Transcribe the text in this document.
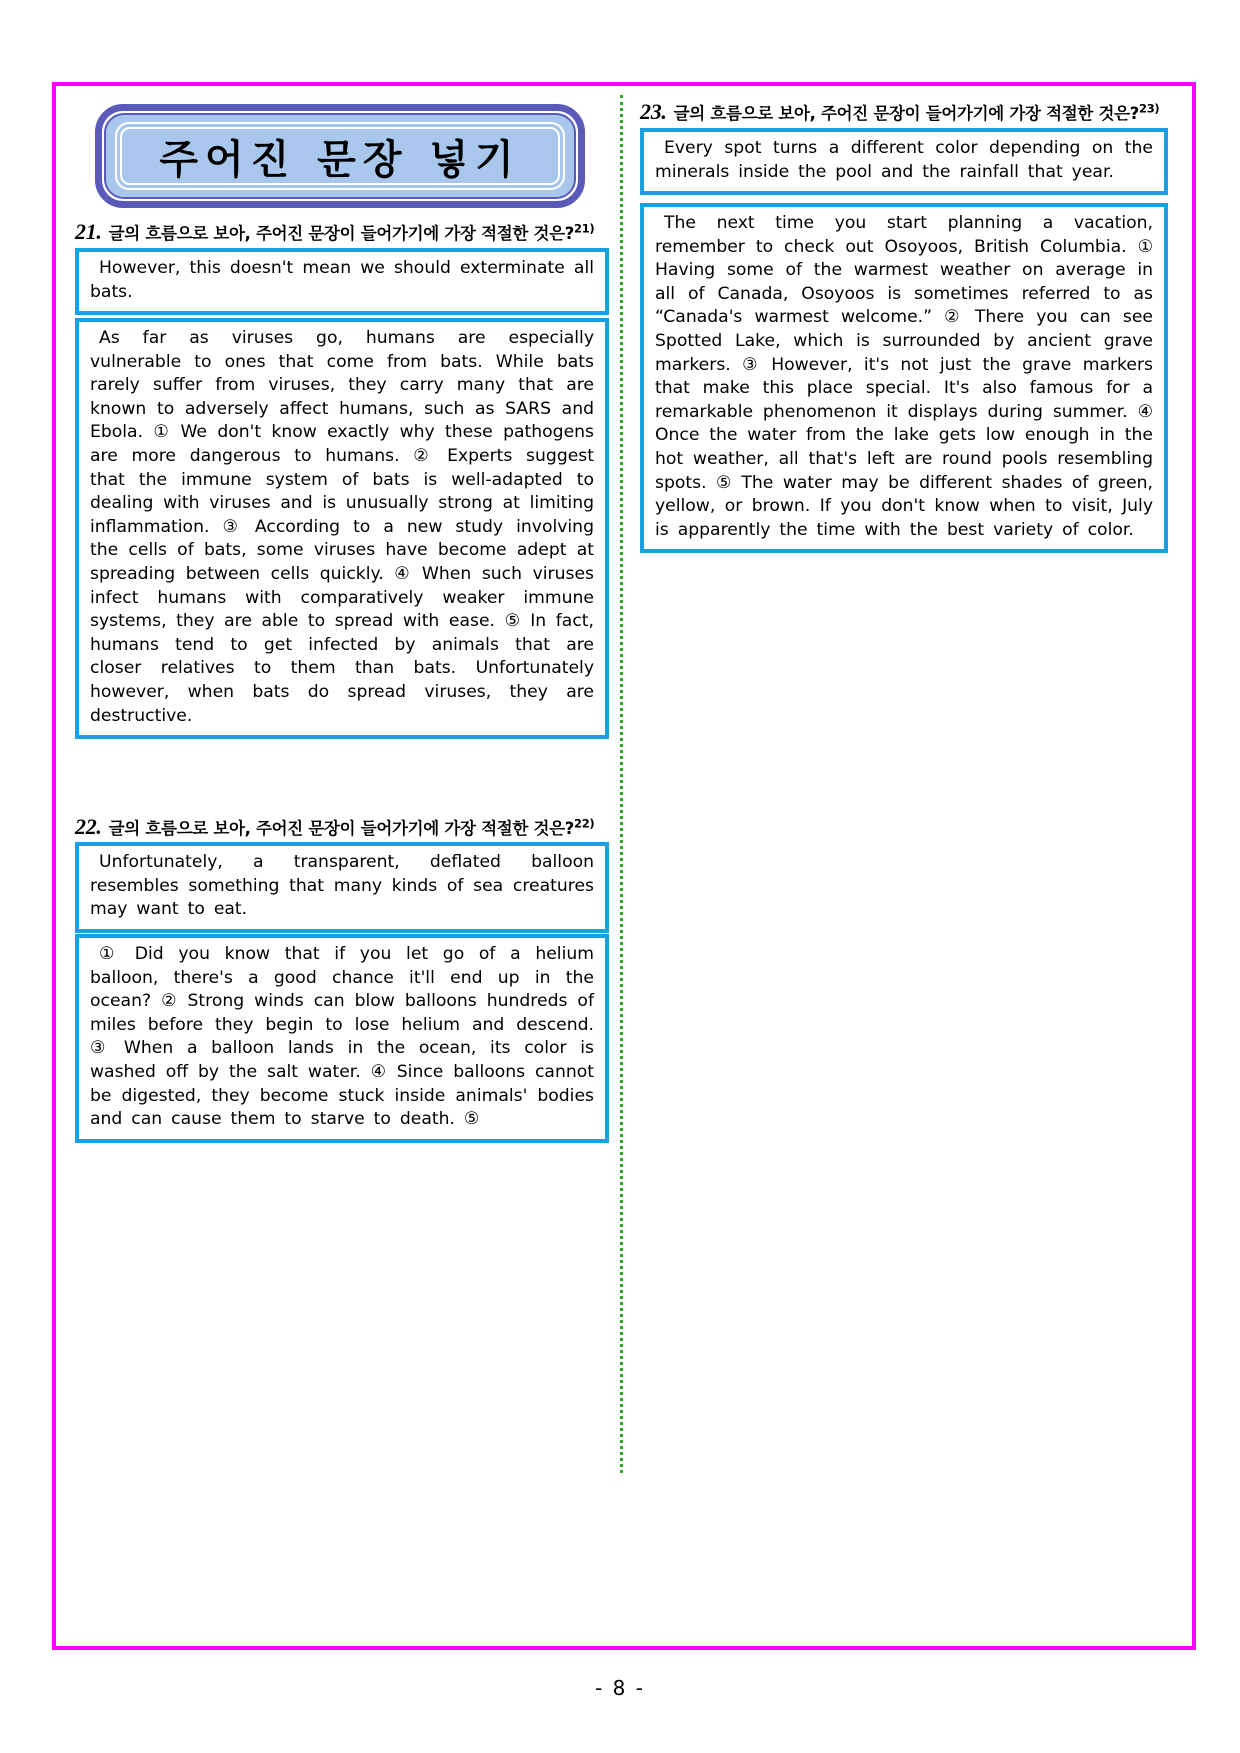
주어진 문장 넣기
21. 글의 흐름으로 보아, 주어진 문장이 들어가기에 가장 적절한 것은?$^{21)}$

However, this doesn't mean we should exterminate all bats.

As far as viruses go, humans are especially vulnerable to ones that come from bats. While bats rarely suffer from viruses, they carry many that are known to adversely affect humans, such as SARS and Ebola. ① We don't know exactly why these pathogens are more dangerous to humans. ② Experts suggest that the immune system of bats is well-adapted to dealing with viruses and is unusually strong at limiting inflammation. ③ According to a new study involving the cells of bats, some viruses have become adept at spreading between cells quickly. ④ When such viruses infect humans with comparatively weaker immune systems, they are able to spread with ease. ⑤ In fact, humans tend to get infected by animals that are closer relatives to them than bats. Unfortunately however, when bats do spread viruses, they are destructive.

22. 글의 흐름으로 보아, 주어진 문장이 들어가기에 가장 적절한 것은?$^{22)}$

Unfortunately, a transparent, deflated balloon resembles something that many kinds of sea creatures may want to eat.

① Did you know that if you let go of a helium balloon, there's a good chance it'll end up in the ocean? ② Strong winds can blow balloons hundreds of miles before they begin to lose helium and descend. ③ When a balloon lands in the ocean, its color is washed off by the salt water. ④ Since balloons cannot be digested, they become stuck inside animals' bodies and can cause them to starve to death. ⑤

23. 글의 흐름으로 보아, 주어진 문장이 들어가기에 가장 적절한 것은?$^{23)}$

Every spot turns a different color depending on the minerals inside the pool and the rainfall that year.

The next time you start planning a vacation, remember to check out Osoyoos, British Columbia. ① Having some of the warmest weather on average in all of Canada, Osoyoos is sometimes referred to as “Canada's warmest welcome.” ② There you can see Spotted Lake, which is surrounded by ancient grave markers. ③ However, it's not just the grave markers that make this place special. It's also famous for a remarkable phenomenon it displays during summer. ④ Once the water from the lake gets low enough in the hot weather, all that's left are round pools resembling spots. ⑤ The water may be different shades of green, yellow, or brown. If you don't know when to visit, July is apparently the time with the best variety of color.

- 8 -
